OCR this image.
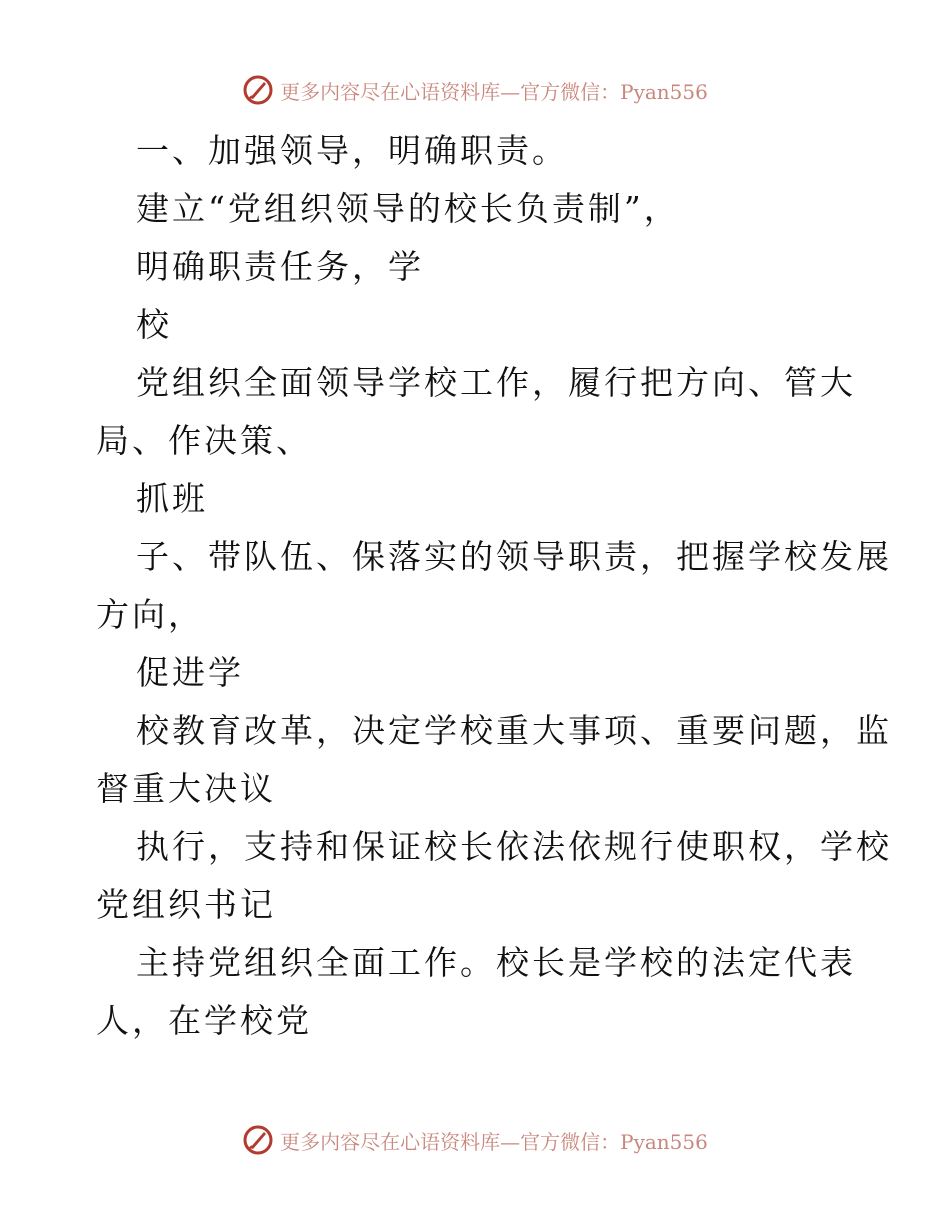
更多内容尽在心语资料库—官方微信：Pyan556
一、加强领导，明确职责。
建立“党组织领导的校长负责制”，
明确职责任务，学
校
党组织全面领导学校工作，履行把方向、管大
局、作决策、
抓班
子、带队伍、保落实的领导职责，把握学校发展
方向，
促进学
校教育改革，决定学校重大事项、重要问题，监
督重大决议
执行，支持和保证校长依法依规行使职权，学校
党组织书记
主持党组织全面工作。校长是学校的法定代表
人，在学校党
更多内容尽在心语资料库—官方微信：Pyan556
